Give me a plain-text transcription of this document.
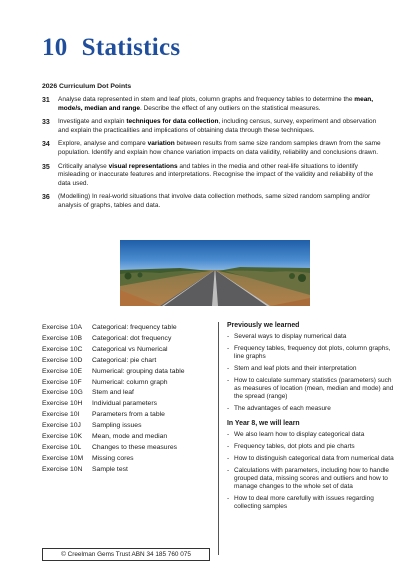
10 Statistics
2026 Curriculum Dot Points
31	Analyse data represented in stem and leaf plots, column graphs and frequency tables to determine the mean, mode/s, median and range. Describe the effect of any outliers on the statistical measures.
33	Investigate and explain techniques for data collection, including census, survey, experiment and observation and explain the practicalities and implications of obtaining data through these techniques.
34	Explore, analyse and compare variation between results from same size random samples drawn from the same population. Identify and explain how chance variation impacts on data validity, reliability and conclusions drawn.
35	Critically analyse visual representations and tables in the media and other real-life situations to identify misleading or inaccurate features and interpretations. Recognise the impact of the validity and reliability of the data used.
36	(Modelling) In real-world situations that involve data collection methods, same sized random sampling and/or analysis of graphs, tables and data.
Exercise 10A	Categorical: frequency table
Exercise 10B	Categorical: dot frequency
Exercise 10C	Categorical vs Numerical
Exercise 10D	Categorical: pie chart
Exercise 10E	Numerical: grouping data table
Exercise 10F	Numerical: column graph
Exercise 10G	Stem and leaf
Exercise 10H	Individual parameters
Exercise 10I	Parameters from a table
Exercise 10J	Sampling issues
Exercise 10K	Mean, mode and median
Exercise 10L	Changes to these measures
Exercise 10M	Missing cores
Exercise 10N	Sample test
Previously we learned
- Several ways to display numerical data
- Frequency tables, frequency dot plots, column graphs, line graphs
- Stem and leaf plots and their interpretation
- How to calculate summary statistics (parameters) such as measures of location (mean, median and mode) and the spread (range)
- The advantages of each measure
In Year 8, we will learn
- We also learn how to display categorical data
- Frequency tables, dot plots and pie charts
- How to distinguish categorical data from numerical data
- Calculations with parameters, including how to handle grouped data, missing scores and outliers and how to manage changes to the whole set of data
- How to deal more carefully with issues regarding collecting samples
© Creelman Gems Trust ABN 34 185 760 075
